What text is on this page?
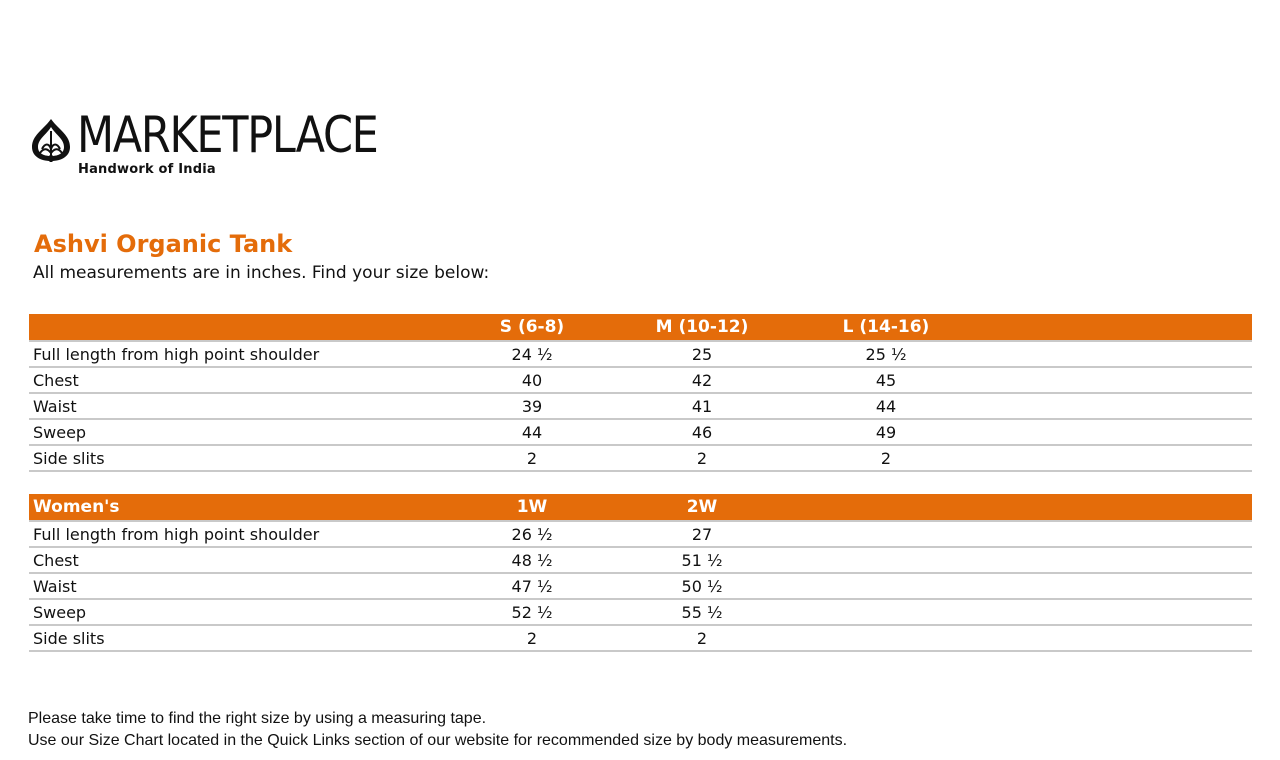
MARKETPLACE
Handwork of India
Ashvi Organic Tank
All measurements are in inches. Find your size below:
	S (6-8)	M (10-12)	L (14-16)	
Full length from high point shoulder	24 ½	25	25 ½	
Chest	40	42	45	
Waist	39	41	44	
Sweep	44	46	49	
Side slits	2	2	2	
Women's	1W	2W		
Full length from high point shoulder	26 ½	27		
Chest	48 ½	51 ½		
Waist	47 ½	50 ½		
Sweep	52 ½	55 ½		
Side slits	2	2		
Please take time to find the right size by using a measuring tape.
Use our Size Chart located in the Quick Links section of our website for recommended size by body measurements.
